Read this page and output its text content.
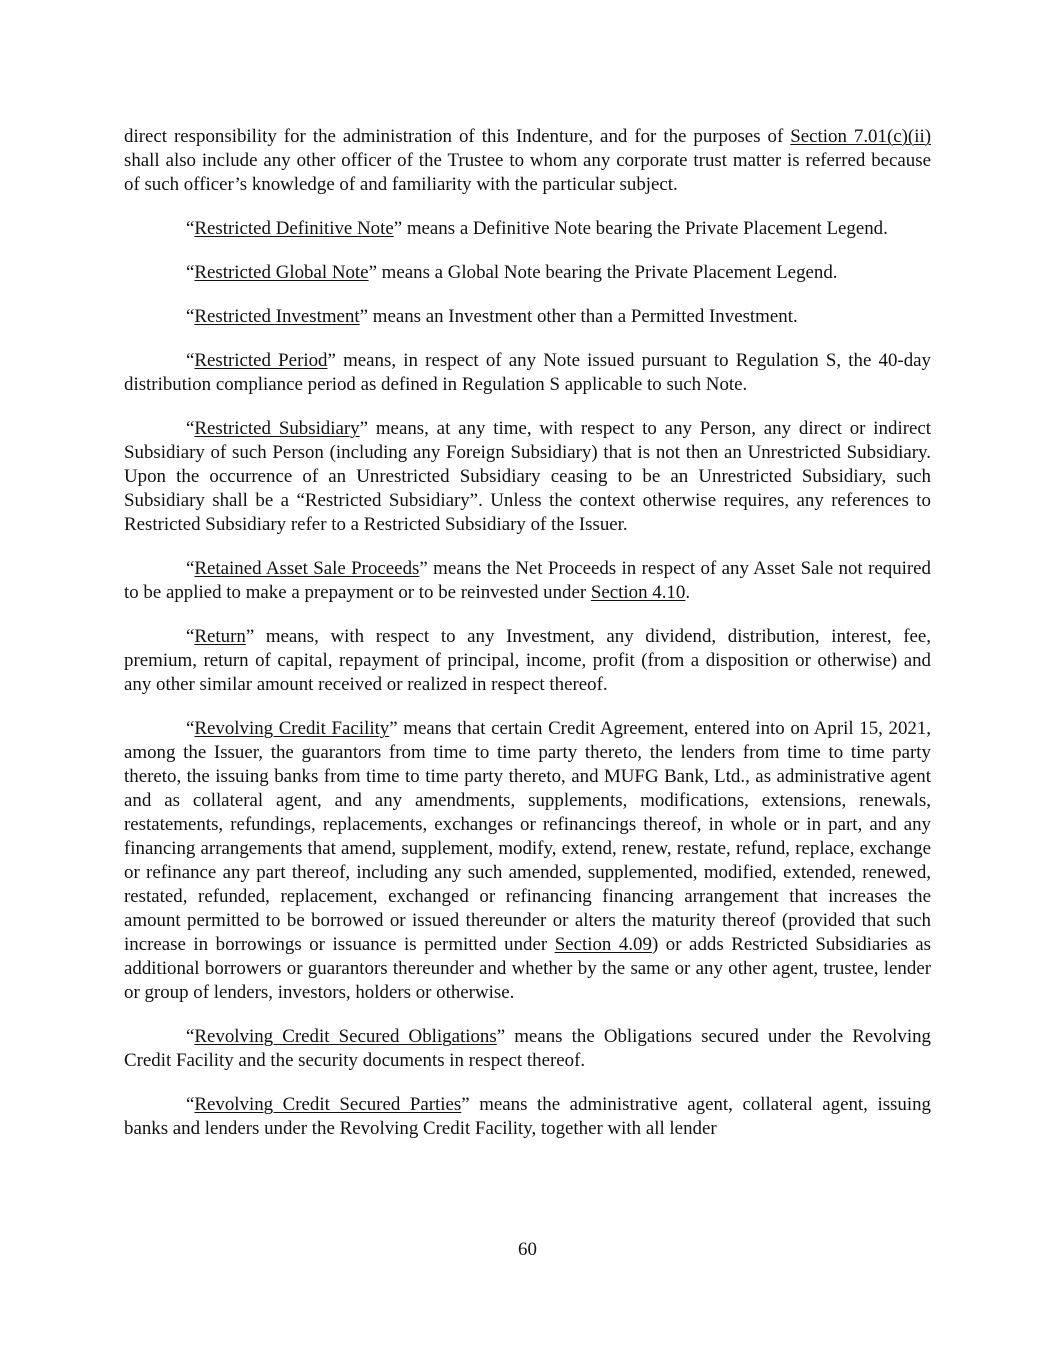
direct responsibility for the administration of this Indenture, and for the purposes of Section 7.01(c)(ii) shall also include any other officer of the Trustee to whom any corporate trust matter is referred because of such officer’s knowledge of and familiarity with the particular subject.

“Restricted Definitive Note” means a Definitive Note bearing the Private Placement Legend.

“Restricted Global Note” means a Global Note bearing the Private Placement Legend.

“Restricted Investment” means an Investment other than a Permitted Investment.

“Restricted Period” means, in respect of any Note issued pursuant to Regulation S, the 40-day distribution compliance period as defined in Regulation S applicable to such Note.

“Restricted Subsidiary” means, at any time, with respect to any Person, any direct or indirect Subsidiary of such Person (including any Foreign Subsidiary) that is not then an Unrestricted Subsidiary. Upon the occurrence of an Unrestricted Subsidiary ceasing to be an Unrestricted Subsidiary, such Subsidiary shall be a “Restricted Subsidiary”. Unless the context otherwise requires, any references to Restricted Subsidiary refer to a Restricted Subsidiary of the Issuer.

“Retained Asset Sale Proceeds” means the Net Proceeds in respect of any Asset Sale not required to be applied to make a prepayment or to be reinvested under Section 4.10.

“Return” means, with respect to any Investment, any dividend, distribution, interest, fee, premium, return of capital, repayment of principal, income, profit (from a disposition or otherwise) and any other similar amount received or realized in respect thereof.

“Revolving Credit Facility” means that certain Credit Agreement, entered into on April 15, 2021, among the Issuer, the guarantors from time to time party thereto, the lenders from time to time party thereto, the issuing banks from time to time party thereto, and MUFG Bank, Ltd., as administrative agent and as collateral agent, and any amendments, supplements, modifications, extensions, renewals, restatements, refundings, replacements, exchanges or refinancings thereof, in whole or in part, and any financing arrangements that amend, supplement, modify, extend, renew, restate, refund, replace, exchange or refinance any part thereof, including any such amended, supplemented, modified, extended, renewed, restated, refunded, replacement, exchanged or refinancing financing arrangement that increases the amount permitted to be borrowed or issued thereunder or alters the maturity thereof (provided that such increase in borrowings or issuance is permitted under Section 4.09) or adds Restricted Subsidiaries as additional borrowers or guarantors thereunder and whether by the same or any other agent, trustee, lender or group of lenders, investors, holders or otherwise.

“Revolving Credit Secured Obligations” means the Obligations secured under the Revolving Credit Facility and the security documents in respect thereof.

“Revolving Credit Secured Parties” means the administrative agent, collateral agent, issuing banks and lenders under the Revolving Credit Facility, together with all lender

60
